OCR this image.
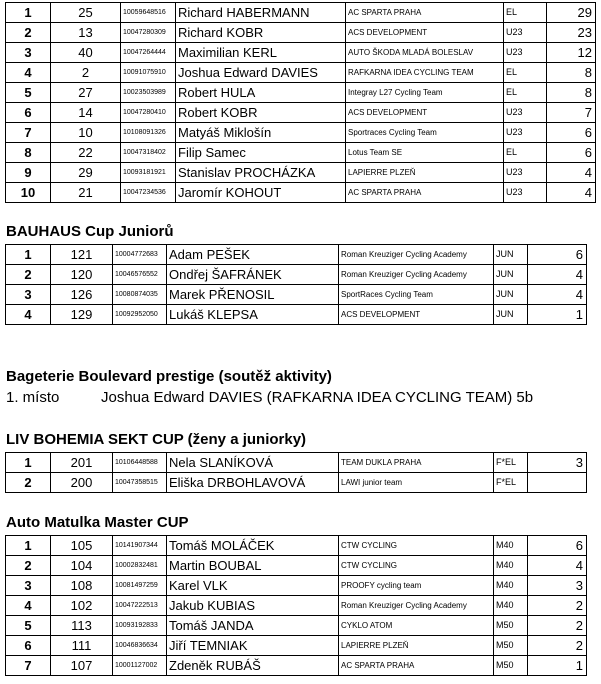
1	25	10059648516	Richard HABERMANN	AC SPARTA PRAHA	EL	29
2	13	10047280309	Richard KOBR	ACS DEVELOPMENT	U23	23
3	40	10047264444	Maximilian KERL	AUTO ŠKODA MLADÁ BOLESLAV	U23	12
4	2	10091075910	Joshua Edward DAVIES	RAFKARNA IDEA CYCLING TEAM	EL	8
5	27	10023503989	Robert HULA	Integray L27 Cycling Team	EL	8
6	14	10047280410	Robert KOBR	ACS DEVELOPMENT	U23	7
7	10	10108091326	Matyáš Miklošín	Sportraces Cycling Team	U23	6
8	22	10047318402	Filip Samec	Lotus Team SE	EL	6
9	29	10093181921	Stanislav PROCHÁZKA	LAPIERRE PLZEŇ	U23	4
10	21	10047234536	Jaromír KOHOUT	AC SPARTA PRAHA	U23	4
BAUHAUS Cup Juniorů
1	121	10004772683	Adam PEŠEK	Roman Kreuziger Cycling Academy	JUN	6
2	120	10046576552	Ondřej ŠAFRÁNEK	Roman Kreuziger Cycling Academy	JUN	4
3	126	10080874035	Marek PŘENOSIL	SportRaces Cycling Team	JUN	4
4	129	10092952050	Lukáš KLEPSA	ACS DEVELOPMENT	JUN	1
Bageterie Boulevard prestige (soutěž aktivity)
1. místo	Joshua Edward DAVIES (RAFKARNA IDEA CYCLING TEAM) 5b
LIV BOHEMIA SEKT CUP (ženy a juniorky)
1	201	10106448588	Nela SLANÍKOVÁ	TEAM DUKLA PRAHA	F*EL	3
2	200	10047358515	Eliška DRBOHLAVOVÁ	LAWI junior team	F*EL	
Auto Matulka Master CUP
1	105	10141907344	Tomáš MOLÁČEK	CTW CYCLING	M40	6
2	104	10002832481	Martin BOUBAL	CTW CYCLING	M40	4
3	108	10081497259	Karel VLK	PROOFY cycling team	M40	3
4	102	10047222513	Jakub KUBIAS	Roman Kreuziger Cycling Academy	M40	2
5	113	10093192833	Tomáš JANDA	CYKLO ATOM	M50	2
6	111	10046836634	Jiří TEMNIAK	LAPIERRE PLZEŇ	M50	2
7	107	10001127002	Zdeněk RUBÁŠ	AC SPARTA PRAHA	M50	1
